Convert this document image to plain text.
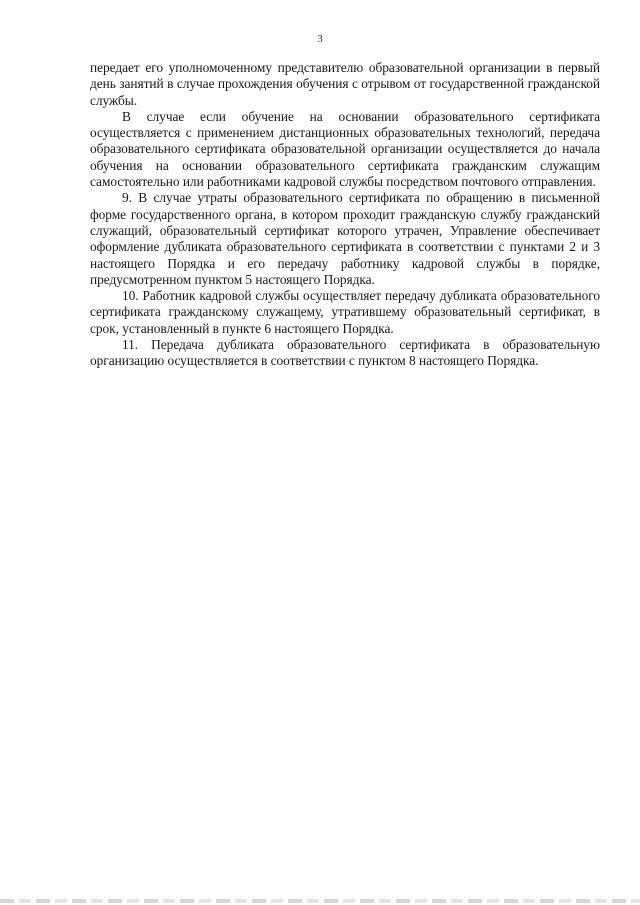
3

передает его уполномоченному представителю образовательной организации в первый день занятий в случае прохождения обучения с отрывом от государственной гражданской службы.

В случае если обучение на основании образовательного сертификата осуществляется с применением дистанционных образовательных технологий, передача образовательного сертификата образовательной организации осуществляется до начала обучения на основании образовательного сертификата гражданским служащим самостоятельно или работниками кадровой службы посредством почтового отправления.

9. В случае утраты образовательного сертификата по обращению в письменной форме государственного органа, в котором проходит гражданскую службу гражданский служащий, образовательный сертификат которого утрачен, Управление обеспечивает оформление дубликата образовательного сертификата в соответствии с пунктами 2 и 3 настоящего Порядка и его передачу работнику кадровой службы в порядке, предусмотренном пунктом 5 настоящего Порядка.

10. Работник кадровой службы осуществляет передачу дубликата образовательного сертификата гражданскому служащему, утратившему образовательный сертификат, в срок, установленный в пункте 6 настоящего Порядка.

11. Передача дубликата образовательного сертификата в образовательную организацию осуществляется в соответствии с пунктом 8 настоящего Порядка.
